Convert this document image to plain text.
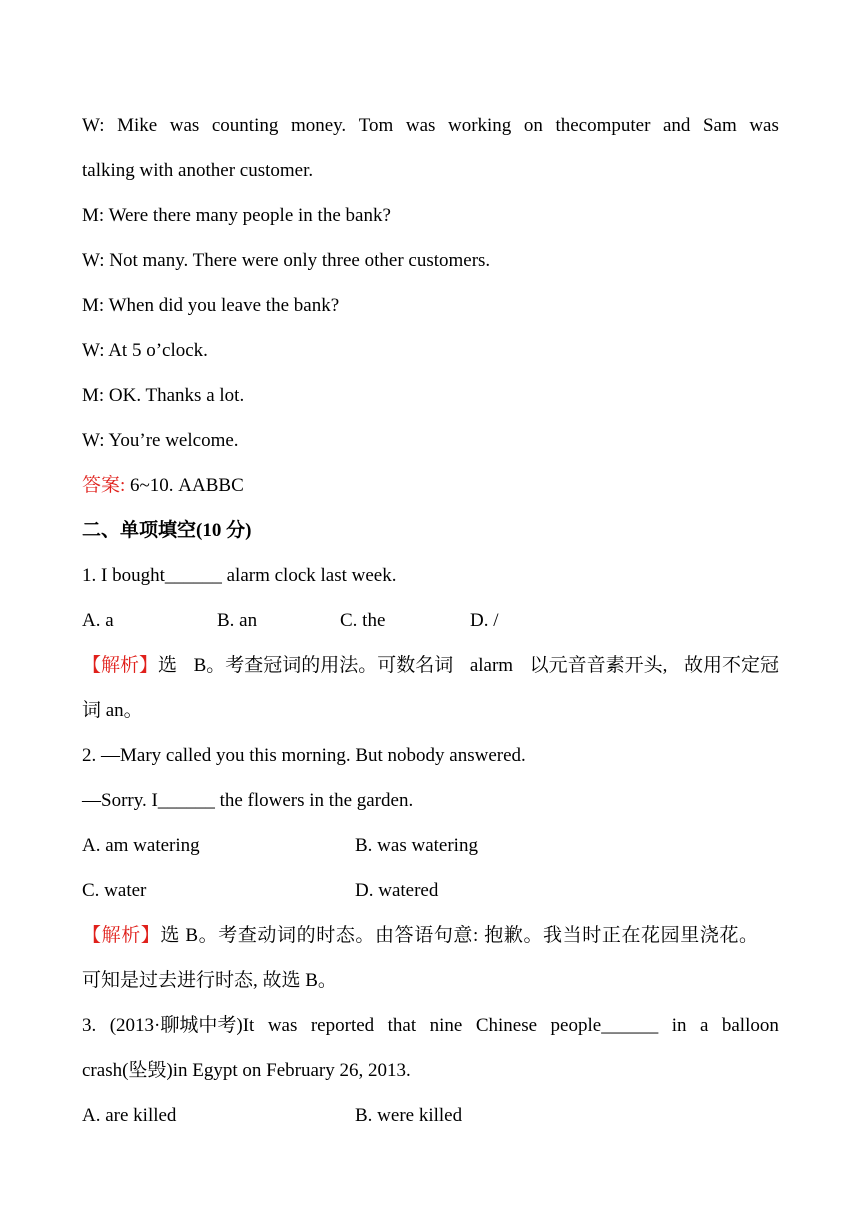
W: Mike was counting money. Tom was working on thecomputer and Sam was
talking with another customer.
M: Were there many people in the bank?
W: Not many. There were only three other customers.
M: When did you leave the bank?
W: At 5 o’clock.
M: OK. Thanks a lot.
W: You’re welcome.
答案: 6~10. AABBC
二、单项填空(10 分)
1. I bought______ alarm clock last week.
A. a	B. an	C. the	D. /
【解析】选 B。考查冠词的用法。可数名词 alarm 以元音音素开头, 故用不定冠
词 an。
2. —Mary called you this morning. But nobody answered.
—Sorry. I______ the flowers in the garden.
A. am watering	B. was watering
C. water	D. watered
【解析】选 B。考查动词的时态。由答语句意: 抱歉。我当时正在花园里浇花。
可知是过去进行时态, 故选 B。
3. (2013·聊城中考)It was reported that nine Chinese people______ in a balloon
crash(坠毁)in Egypt on February 26, 2013.
A. are killed	B. were killed
